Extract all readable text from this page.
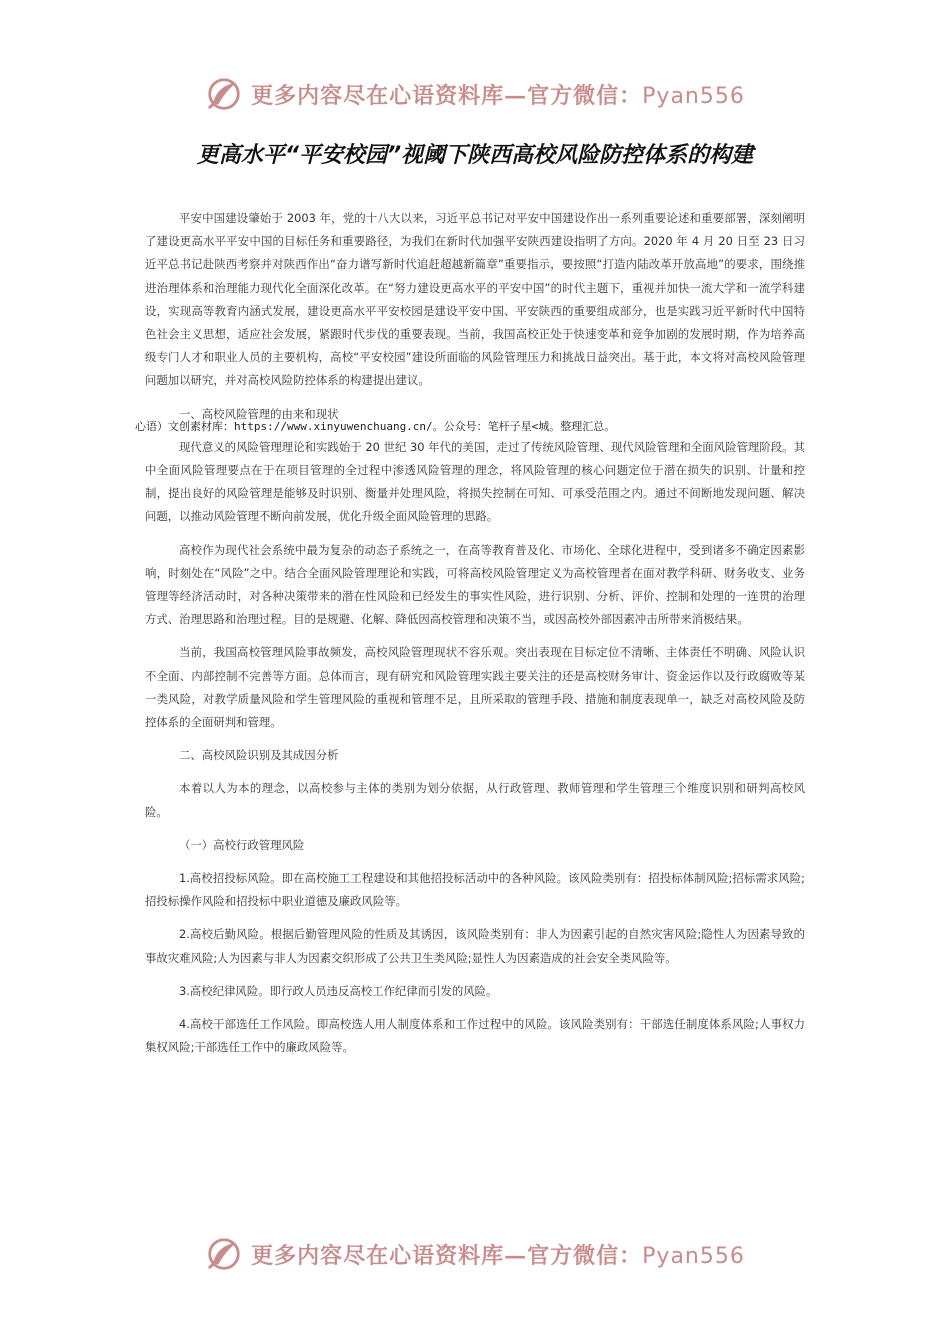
更多内容尽在心语资料库—官方微信：Pyan556
更高水平“平安校园”视阈下陕西高校风险防控体系的构建

平安中国建设肇始于 2003 年，党的十八大以来，习近平总书记对平安中国建设作出一系列重要论述和重要部署，深刻阐明了建设更高水平平安中国的目标任务和重要路径，为我们在新时代加强平安陕西建设指明了方向。2020 年 4 月 20 日至 23 日习近平总书记赴陕西考察并对陕西作出“奋力谱写新时代追赶超越新篇章”重要指示，要按照“打造内陆改革开放高地”的要求，围绕推进治理体系和治理能力现代化全面深化改革。在“努力建设更高水平的平安中国”的时代主题下，重视并加快一流大学和一流学科建设，实现高等教育内涵式发展，建设更高水平平安校园是建设平安中国、平安陕西的重要组成部分，也是实践习近平新时代中国特色社会主义思想，适应社会发展，紧跟时代步伐的重要表现。当前，我国高校正处于快速变革和竞争加剧的发展时期，作为培养高级专门人才和职业人员的主要机构，高校“平安校园”建设所面临的风险管理压力和挑战日益突出。基于此，本文将对高校风险管理问题加以研究，并对高校风险防控体系的构建提出建议。

一、高校风险管理的由来和现状

心语）文创素材库：https://www.xinyuwenchuang.cn/。公众号：笔杆子星<城。整理汇总。

现代意义的风险管理理论和实践始于 20 世纪 30 年代的美国，走过了传统风险管理、现代风险管理和全面风险管理阶段。其中全面风险管理要点在于在项目管理的全过程中渗透风险管理的理念，将风险管理的核心问题定位于潜在损失的识别、计量和控制，提出良好的风险管理是能够及时识别、衡量并处理风险，将损失控制在可知、可承受范围之内。通过不间断地发现问题、解决问题，以推动风险管理不断向前发展，优化升级全面风险管理的思路。

高校作为现代社会系统中最为复杂的动态子系统之一，在高等教育普及化、市场化、全球化进程中，受到诸多不确定因素影响，时刻处在“风险”之中。结合全面风险管理理论和实践，可将高校风险管理定义为高校管理者在面对教学科研、财务收支、业务管理等经济活动时，对各种决策带来的潜在性风险和已经发生的事实性风险，进行识别、分析、评价、控制和处理的一连贯的治理方式、治理思路和治理过程。目的是规避、化解、降低因高校管理和决策不当，或因高校外部因素冲击所带来消极结果。

当前，我国高校管理风险事故频发，高校风险管理现状不容乐观。突出表现在目标定位不清晰、主体责任不明确、风险认识不全面、内部控制不完善等方面。总体而言，现有研究和风险管理实践主要关注的还是高校财务审计、资金运作以及行政腐败等某一类风险，对教学质量风险和学生管理风险的重视和管理不足，且所采取的管理手段、措施和制度表现单一，缺乏对高校风险及防控体系的全面研判和管理。

二、高校风险识别及其成因分析

本着以人为本的理念，以高校参与主体的类别为划分依据，从行政管理、教师管理和学生管理三个维度识别和研判高校风险。

（一）高校行政管理风险

1.高校招投标风险。即在高校施工工程建设和其他招投标活动中的各种风险。该风险类别有：招投标体制风险;招标需求风险;招投标操作风险和招投标中职业道德及廉政风险等。

2.高校后勤风险。根据后勤管理风险的性质及其诱因，该风险类别有：非人为因素引起的自然灾害风险;隐性人为因素导致的事故灾难风险;人为因素与非人为因素交织形成了公共卫生类风险;显性人为因素造成的社会安全类风险等。

3.高校纪律风险。即行政人员违反高校工作纪律而引发的风险。

4.高校干部选任工作风险。即高校选人用人制度体系和工作过程中的风险。该风险类别有：干部选任制度体系风险;人事权力集权风险;干部选任工作中的廉政风险等。

更多内容尽在心语资料库—官方微信：Pyan556
